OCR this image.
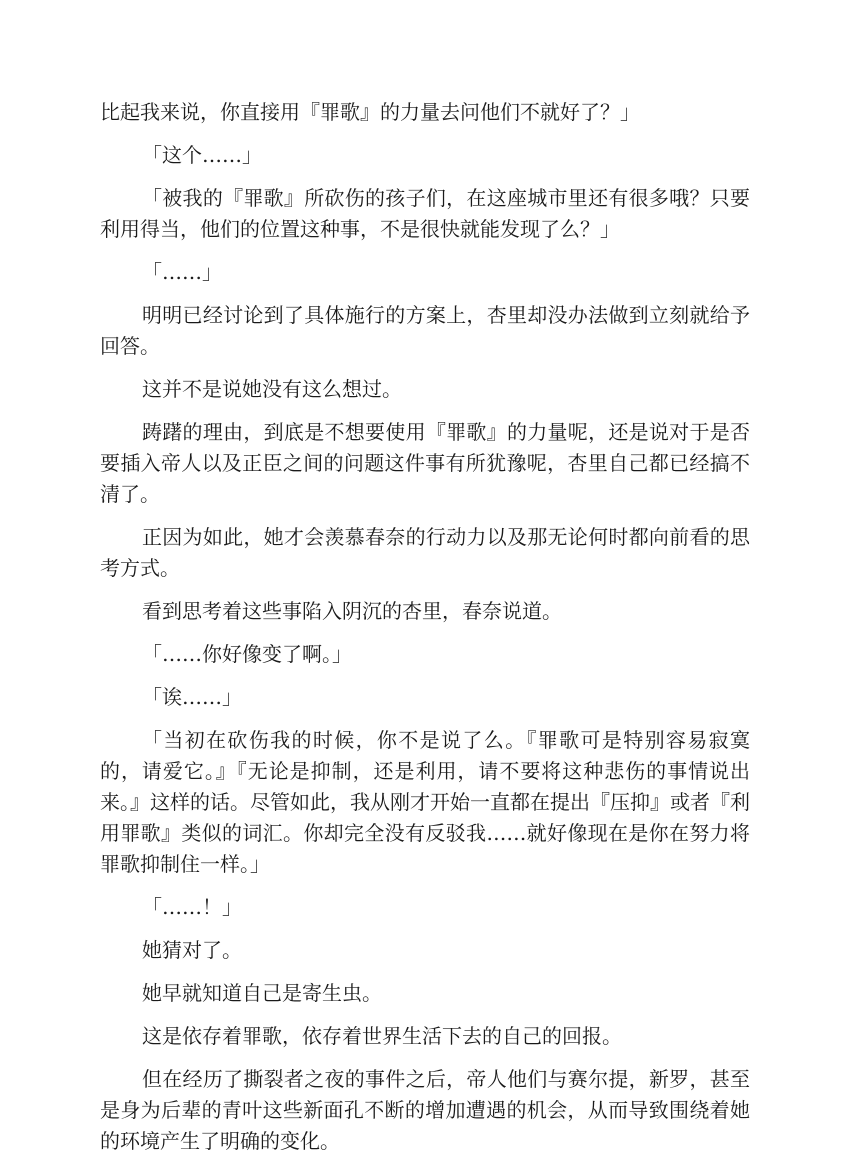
比起我来说，你直接用『罪歌』的力量去问他们不就好了？」

「这个……」

「被我的『罪歌』所砍伤的孩子们，在这座城市里还有很多哦？只要利用得当，他们的位置这种事，不是很快就能发现了么？」

「……」

明明已经讨论到了具体施行的方案上，杏里却没办法做到立刻就给予回答。

这并不是说她没有这么想过。

踌躇的理由，到底是不想要使用『罪歌』的力量呢，还是说对于是否要插入帝人以及正臣之间的问题这件事有所犹豫呢，杏里自己都已经搞不清了。

正因为如此，她才会羡慕春奈的行动力以及那无论何时都向前看的思考方式。

看到思考着这些事陷入阴沉的杏里，春奈说道。

「……你好像变了啊。」

「诶……」

「当初在砍伤我的时候，你不是说了么。『罪歌可是特别容易寂寞的，请爱它。』『无论是抑制，还是利用，请不要将这种悲伤的事情说出来。』这样的话。尽管如此，我从刚才开始一直都在提出『压抑』或者『利用罪歌』类似的词汇。你却完全没有反驳我……就好像现在是你在努力将罪歌抑制住一样。」

「……！」

她猜对了。

她早就知道自己是寄生虫。

这是依存着罪歌，依存着世界生活下去的自己的回报。

但在经历了撕裂者之夜的事件之后，帝人他们与赛尔提，新罗，甚至是身为后辈的青叶这些新面孔不断的增加遭遇的机会，从而导致围绕着她的环境产生了明确的变化。
